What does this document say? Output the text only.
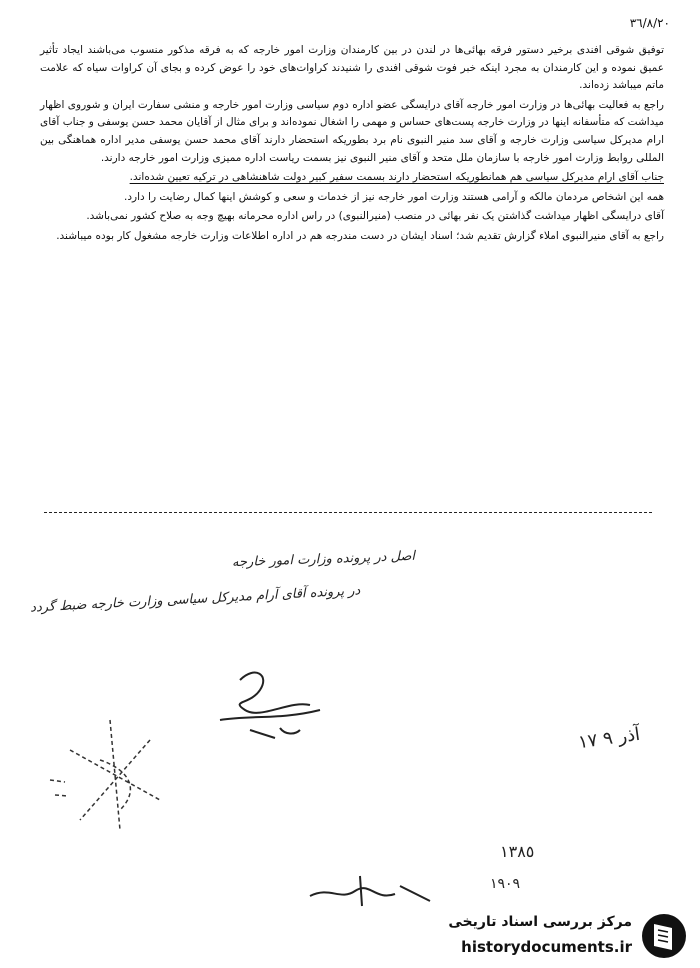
٣٦/٨/٢٠

توفیق شوقی افندی برخیر دستور فرقه بهائی‌ها در لندن در بین کارمندان وزارت امور خارجه که به فرقه مذکور منسوب می‌باشند ایجاد تأثیر عمیق نموده و این کارمندان به مجرد اینکه خبر فوت شوقی افندی را شنیدند کراوات‌های خود را عوض کرده و بجای آن کراوات سیاه که علامت ماتم میباشد زده‌اند.

راجع به فعالیت بهائی‌ها در وزارت امور خارجه آقای درایسگی عضو اداره دوم سیاسی وزارت امور خارجه و منشی سفارت ایران و شوروی اظهار میداشت که متأسفانه اینها در وزارت خارجه پست‌های حساس و مهمی را اشغال نموده‌اند و برای مثال از آقایان محمد حسن یوسفی و جناب آقای ارام مدیرکل سیاسی وزارت خارجه و آقای سد منیر النبوی نام برد بطوریکه استحضار دارند آقای محمد حسن یوسفی مدیر اداره هماهنگی بین المللی روابط وزارت امور خارجه با سازمان ملل متحد و آقای منیر النبوی نیز بسمت ریاست اداره ممیزی وزارت امور خارجه دارند.

جناب آقای ارام مدیرکل سیاسی هم همانطوریکه استحضار دارند بسمت سفیر کبیر دولت شاهنشاهی در ترکیه تعیین شده‌اند.

همه این اشخاص مردمان مالکه و آرامی هستند وزارت امور خارجه نیز از خدمات و سعی و کوشش اینها کمال رضایت را دارد.

آقای درایسگی اظهار میداشت گذاشتن یک نفر بهائی در منصب (منیرالنبوی) در راس اداره محرمانه بهیچ وجه به صلاح کشور نمی‌باشد.

راجع به آقای منیرالنبوی املاء گزارش تقدیم شد؛ اسناد ایشان در دست مندرجه هم در اداره اطلاعات وزارت خارجه مشغول کار بوده میباشند.

اصل در پرونده وزارت امور خارجه
در پرونده آقای آرام مدیرکل سیاسی وزارت خارجه ضبط گردد
۱۷ آذر ۹
١٣٨٥
١٩٠٩
مرکز بررسی اسناد تاریخی
historydocuments.ir
